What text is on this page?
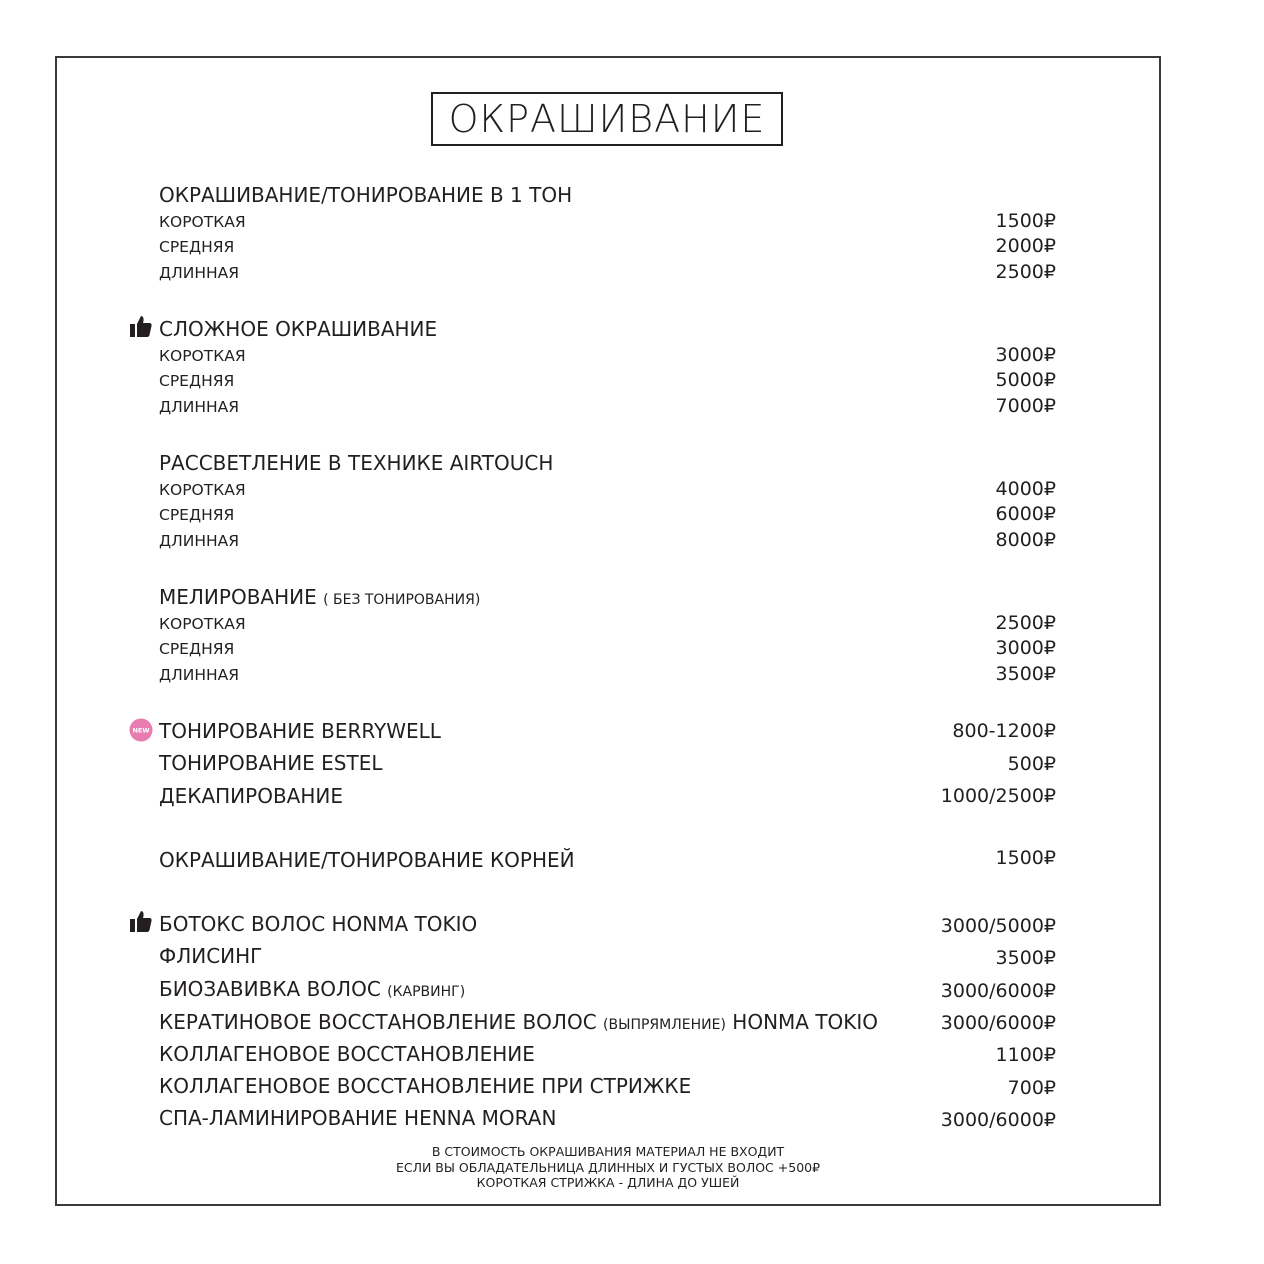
ОКРАШИВАНИЕ
ОКРАШИВАНИЕ/ТОНИРОВАНИЕ В 1 ТОН
КОРОТКАЯ	1500₽
СРЕДНЯЯ	2000₽
ДЛИННАЯ	2500₽
СЛОЖНОЕ ОКРАШИВАНИЕ
КОРОТКАЯ	3000₽
СРЕДНЯЯ	5000₽
ДЛИННАЯ	7000₽
РАССВЕТЛЕНИЕ В ТЕХНИКЕ AIRTOUCH
КОРОТКАЯ	4000₽
СРЕДНЯЯ	6000₽
ДЛИННАЯ	8000₽
МЕЛИРОВАНИЕ ( БЕЗ ТОНИРОВАНИЯ)
КОРОТКАЯ	2500₽
СРЕДНЯЯ	3000₽
ДЛИННАЯ	3500₽
NEW ТОНИРОВАНИЕ BERRYWELL	800-1200₽
ТОНИРОВАНИЕ ESTEL	500₽
ДЕКАПИРОВАНИЕ	1000/2500₽
ОКРАШИВАНИЕ/ТОНИРОВАНИЕ КОРНЕЙ	1500₽
БОТОКС ВОЛОС HONMA TOKIO	3000/5000₽
ФЛИСИНГ	3500₽
БИОЗАВИВКА ВОЛОС (КАРВИНГ)	3000/6000₽
КЕРАТИНОВОЕ ВОССТАНОВЛЕНИЕ ВОЛОС (ВЫПРЯМЛЕНИЕ) HONMA TOKIO	3000/6000₽
КОЛЛАГЕНОВОЕ ВОССТАНОВЛЕНИЕ	1100₽
КОЛЛАГЕНОВОЕ ВОССТАНОВЛЕНИЕ ПРИ СТРИЖКЕ	700₽
СПА-ЛАМИНИРОВАНИЕ HENNA MORAN	3000/6000₽
В СТОИМОСТЬ ОКРАШИВАНИЯ МАТЕРИАЛ НЕ ВХОДИТ
ЕСЛИ ВЫ ОБЛАДАТЕЛЬНИЦА ДЛИННЫХ И ГУСТЫХ ВОЛОС +500₽
КОРОТКАЯ СТРИЖКА - ДЛИНА ДО УШЕЙ
